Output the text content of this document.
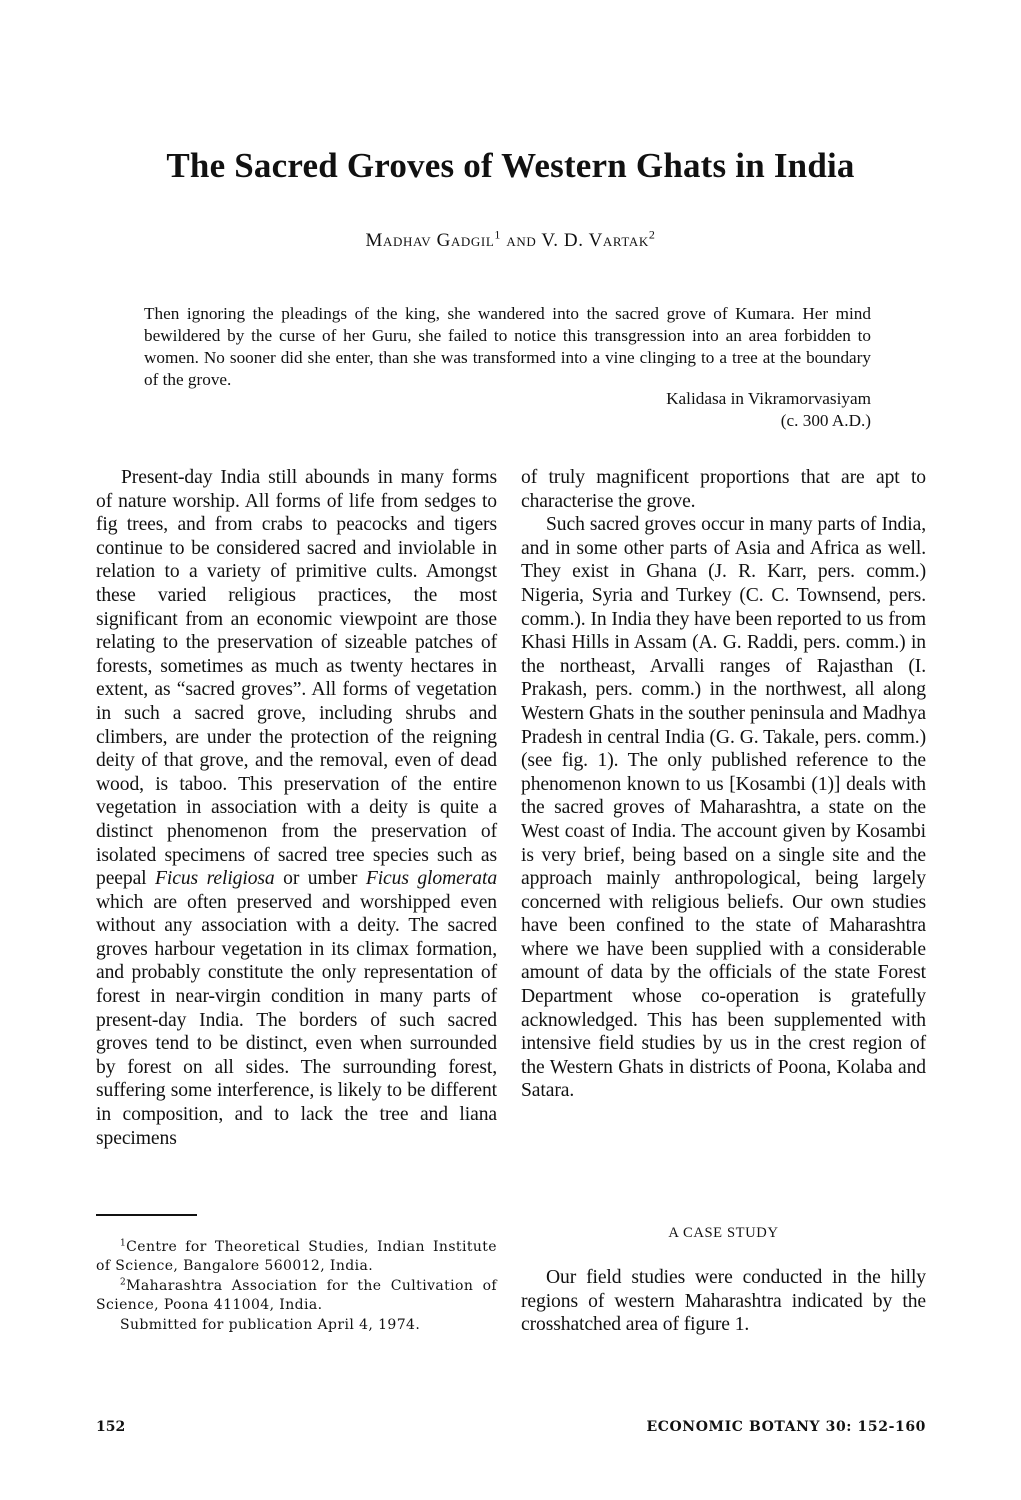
The Sacred Groves of Western Ghats in India
Madhav Gadgil$^1$ and V. D. Vartak$^2$
Then ignoring the pleadings of the king, she wandered into the sacred grove of Kumara. Her mind bewildered by the curse of her Guru, she failed to notice this transgression into an area forbidden to women. No sooner did she enter, than she was transformed into a vine clinging to a tree at the boundary of the grove.
Kalidasa in Vikramorvasiyam
(c. 300 A.D.)

Present-day India still abounds in many forms of nature worship. All forms of life from sedges to fig trees, and from crabs to peacocks and tigers continue to be considered sacred and inviolable in relation to a variety of primitive cults. Amongst these varied religious practices, the most significant from an economic viewpoint are those relating to the preservation of sizeable patches of forests, sometimes as much as twenty hectares in extent, as “sacred groves”. All forms of vegetation in such a sacred grove, including shrubs and climbers, are under the protection of the reigning deity of that grove, and the removal, even of dead wood, is taboo. This preservation of the entire vegetation in association with a deity is quite a distinct phenomenon from the preservation of isolated specimens of sacred tree species such as peepal Ficus religiosa or umber Ficus glomerata which are often preserved and worshipped even without any association with a deity. The sacred groves harbour vegetation in its climax formation, and probably constitute the only representation of forest in near-virgin condition in many parts of present-day India. The borders of such sacred groves tend to be distinct, even when surrounded by forest on all sides. The surrounding forest, suffering some interference, is likely to be different in composition, and to lack the tree and liana specimens

of truly magnificent proportions that are apt to characterise the grove.

Such sacred groves occur in many parts of India, and in some other parts of Asia and Africa as well. They exist in Ghana (J. R. Karr, pers. comm.) Nigeria, Syria and Turkey (C. C. Townsend, pers. comm.). In India they have been reported to us from Khasi Hills in Assam (A. G. Raddi, pers. comm.) in the northeast, Arvalli ranges of Rajasthan (I. Prakash, pers. comm.) in the northwest, all along Western Ghats in the souther peninsula and Madhya Pradesh in central India (G. G. Takale, pers. comm.) (see fig. 1). The only published reference to the phenomenon known to us [Kosambi (1)] deals with the sacred groves of Maharashtra, a state on the West coast of India. The account given by Kosambi is very brief, being based on a single site and the approach mainly anthropological, being largely concerned with religious beliefs. Our own studies have been confined to the state of Maharashtra where we have been supplied with a considerable amount of data by the officials of the state Forest Department whose co-operation is gratefully acknowledged. This has been supplemented with intensive field studies by us in the crest region of the Western Ghats in districts of Poona, Kolaba and Satara.

$^1$Centre for Theoretical Studies, Indian Institute of Science, Bangalore 560012, India.

$^2$Maharashtra Association for the Cultivation of Science, Poona 411004, India.

Submitted for publication April 4, 1974.

A CASE STUDY

Our field studies were conducted in the hilly regions of western Maharashtra indicated by the crosshatched area of figure 1.

152	ECONOMIC BOTANY 30: 152-160
